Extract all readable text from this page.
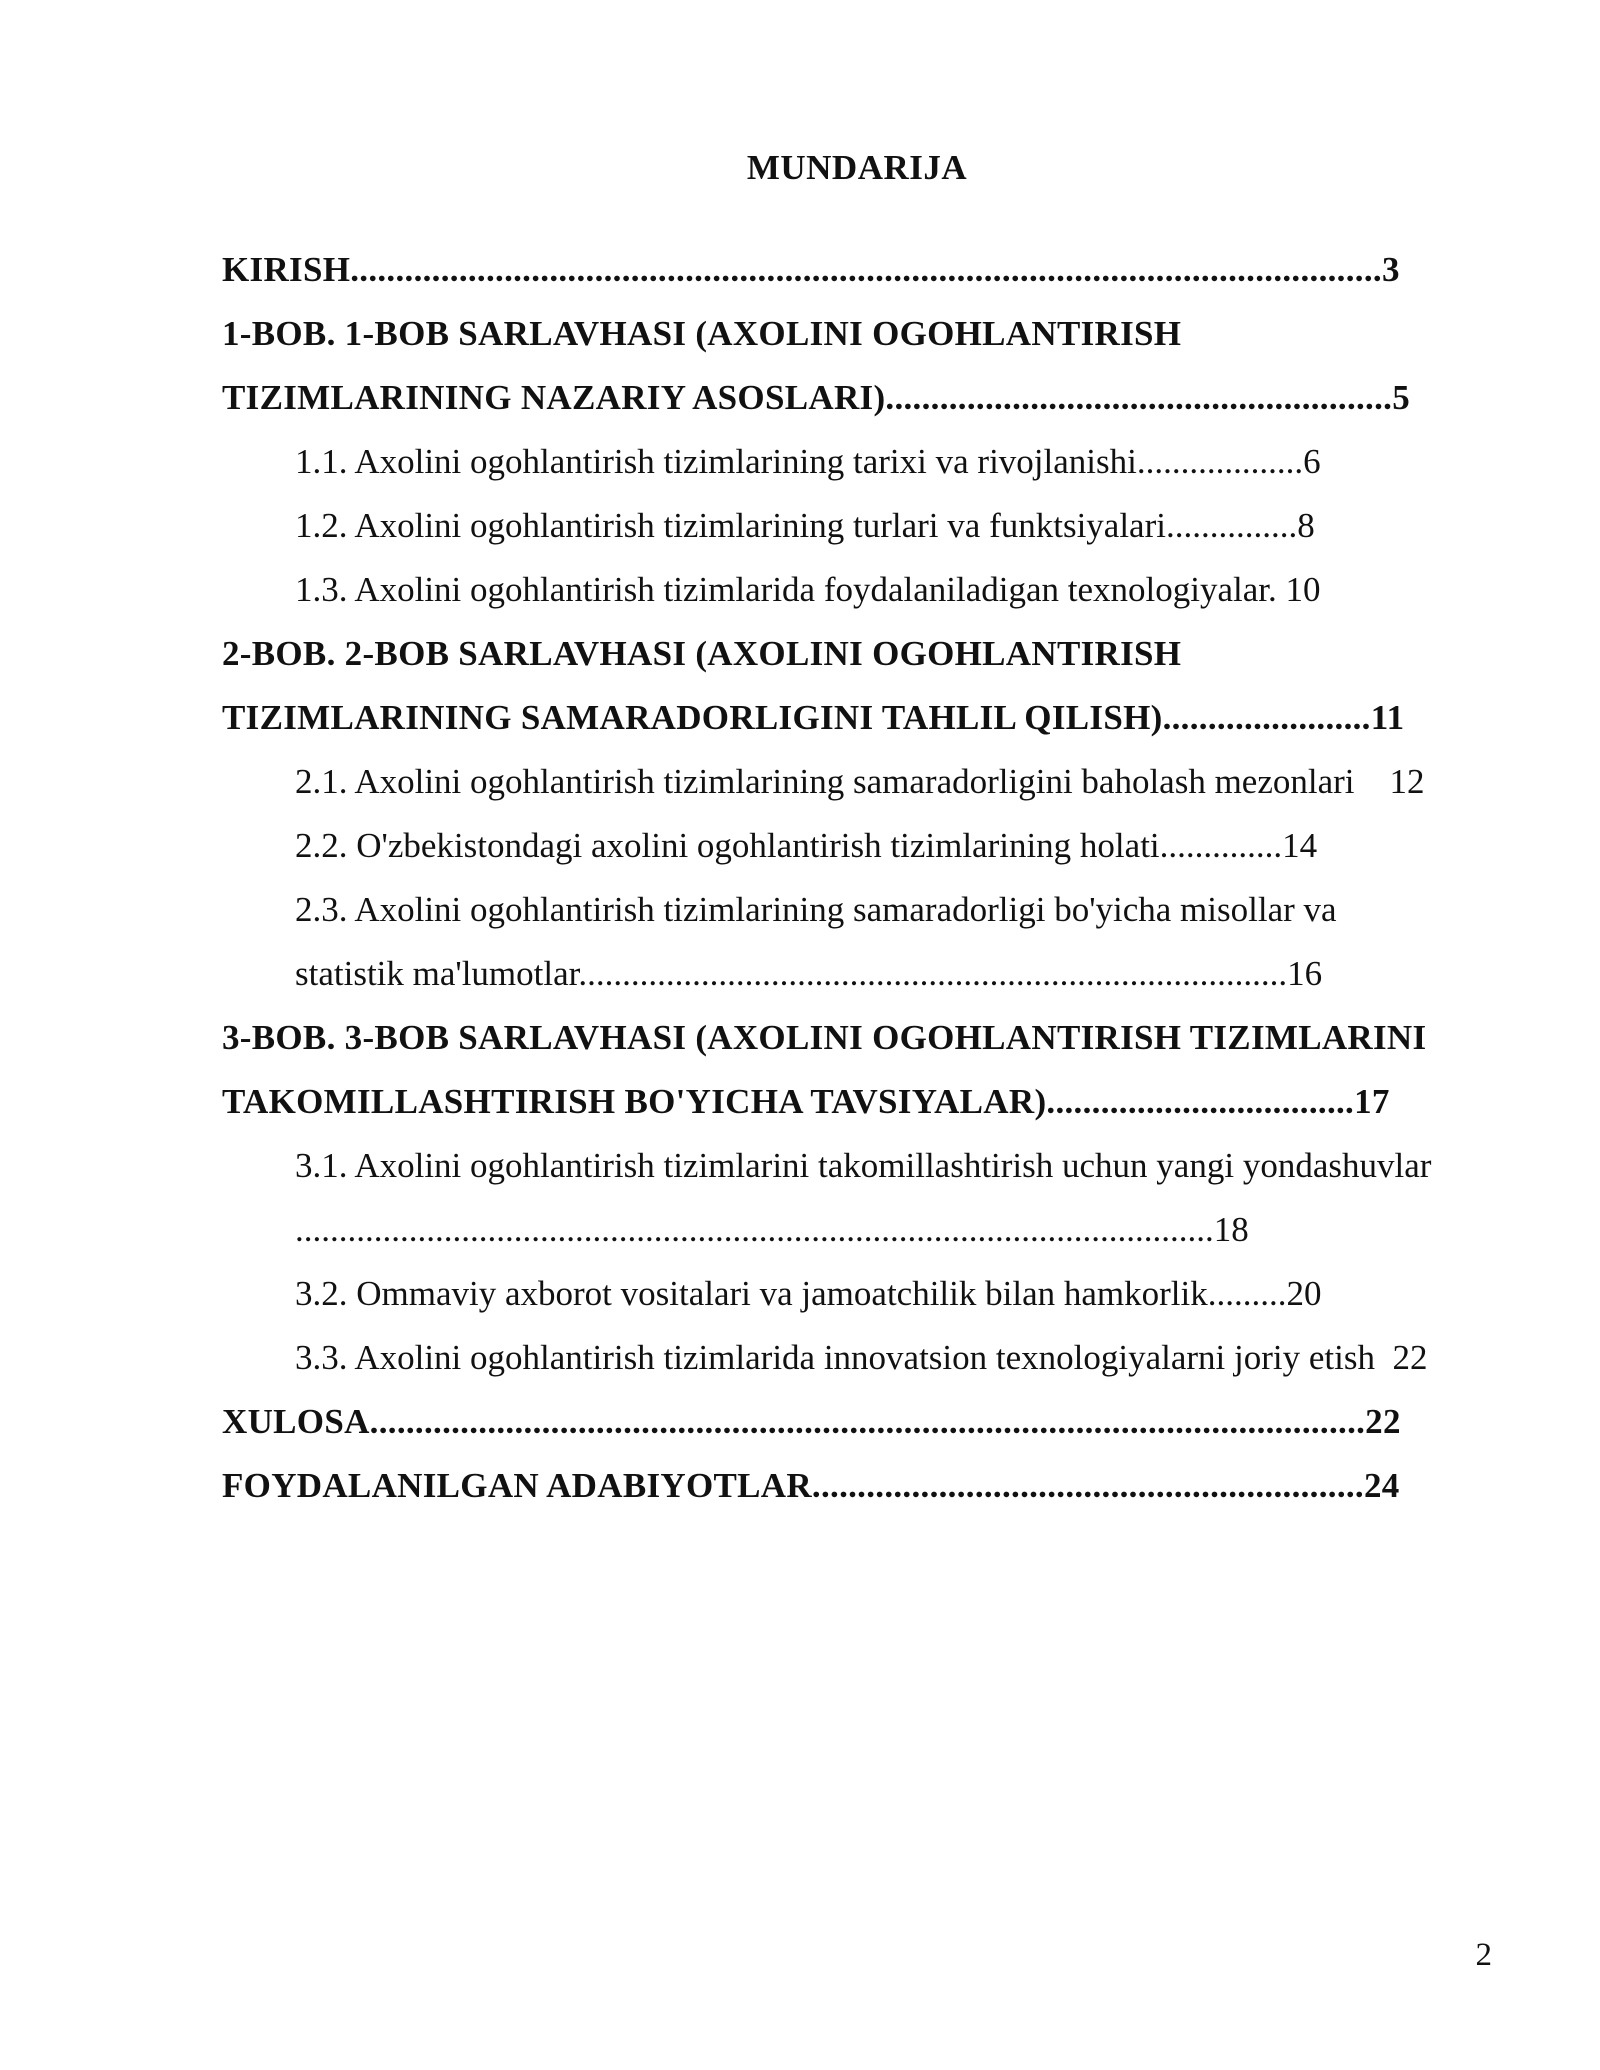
MUNDARIJA
KIRISH..................................................................................................................3
1-BOB. 1-BOB SARLAVHASI (AXOLINI OGOHLANTIRISH
TIZIMLARINING NAZARIY ASOSLARI)........................................................5
1.1. Axolini ogohlantirish tizimlarining tarixi va rivojlanishi...................6
1.2. Axolini ogohlantirish tizimlarining turlari va funktsiyalari...............8
1.3. Axolini ogohlantirish tizimlarida foydalaniladigan texnologiyalar. 10
2-BOB. 2-BOB SARLAVHASI (AXOLINI OGOHLANTIRISH
TIZIMLARINING SAMARADORLIGINI TAHLIL QILISH).......................11
2.1. Axolini ogohlantirish tizimlarining samaradorligini baholash mezonlari 12
2.2. O'zbekistondagi axolini ogohlantirish tizimlarining holati..............14
2.3. Axolini ogohlantirish tizimlarining samaradorligi bo'yicha misollar va
statistik ma'lumotlar.................................................................................16
3-BOB. 3-BOB SARLAVHASI (AXOLINI OGOHLANTIRISH TIZIMLARINI
TAKOMILLASHTIRISH BO'YICHA TAVSIYALAR)..................................17
3.1. Axolini ogohlantirish tizimlarini takomillashtirish uchun yangi yondashuvlar
.........................................................................................................18
3.2. Ommaviy axborot vositalari va jamoatchilik bilan hamkorlik.........20
3.3. Axolini ogohlantirish tizimlarida innovatsion texnologiyalarni joriy etish 22
XULOSA..............................................................................................................22
FOYDALANILGAN ADABIYOTLAR.............................................................24
2
